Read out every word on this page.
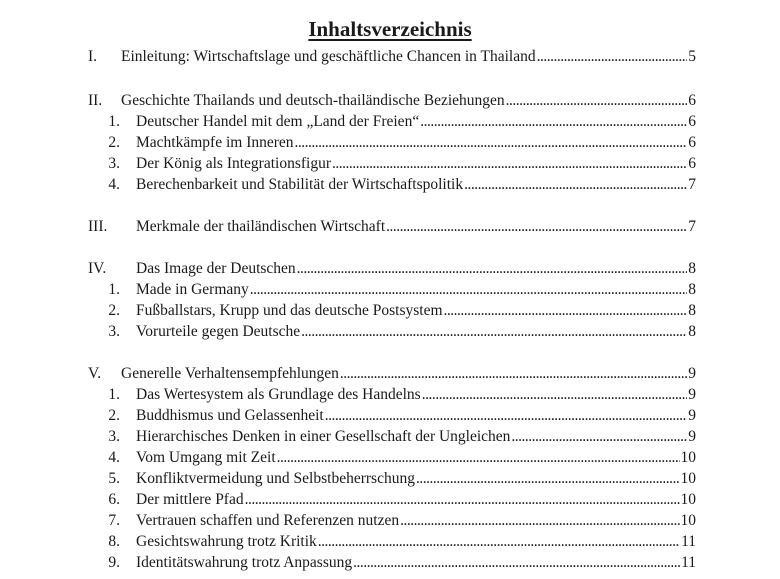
Inhaltsverzeichnis
I.	Einleitung: Wirtschaftslage und geschäftliche Chancen in Thailand .....	5
II.	Geschichte Thailands und deutsch-thailändische Beziehungen .....	6
1.	Deutscher Handel mit dem „Land der Freien“ .....	6
2.	Machtkämpfe im Inneren .....	6
3.	Der König als Integrationsfigur .....	6
4.	Berechenbarkeit und Stabilität der Wirtschaftspolitik .....	7
III.	Merkmale der thailändischen Wirtschaft .....	7
IV.	Das Image der Deutschen .....	8
1.	Made in Germany .....	8
2.	Fußballstars, Krupp und das deutsche Postsystem .....	8
3.	Vorurteile gegen Deutsche .....	8
V.	Generelle Verhaltensempfehlungen .....	9
1.	Das Wertesystem als Grundlage des Handelns .....	9
2.	Buddhismus und Gelassenheit .....	9
3.	Hierarchisches Denken in einer Gesellschaft der Ungleichen .....	9
4.	Vom Umgang mit Zeit .....	10
5.	Konfliktvermeidung und Selbstbeherrschung .....	10
6.	Der mittlere Pfad .....	10
7.	Vertrauen schaffen und Referenzen nutzen .....	10
8.	Gesichtswahrung trotz Kritik .....	11
9.	Identitätswahrung trotz Anpassung .....	11
